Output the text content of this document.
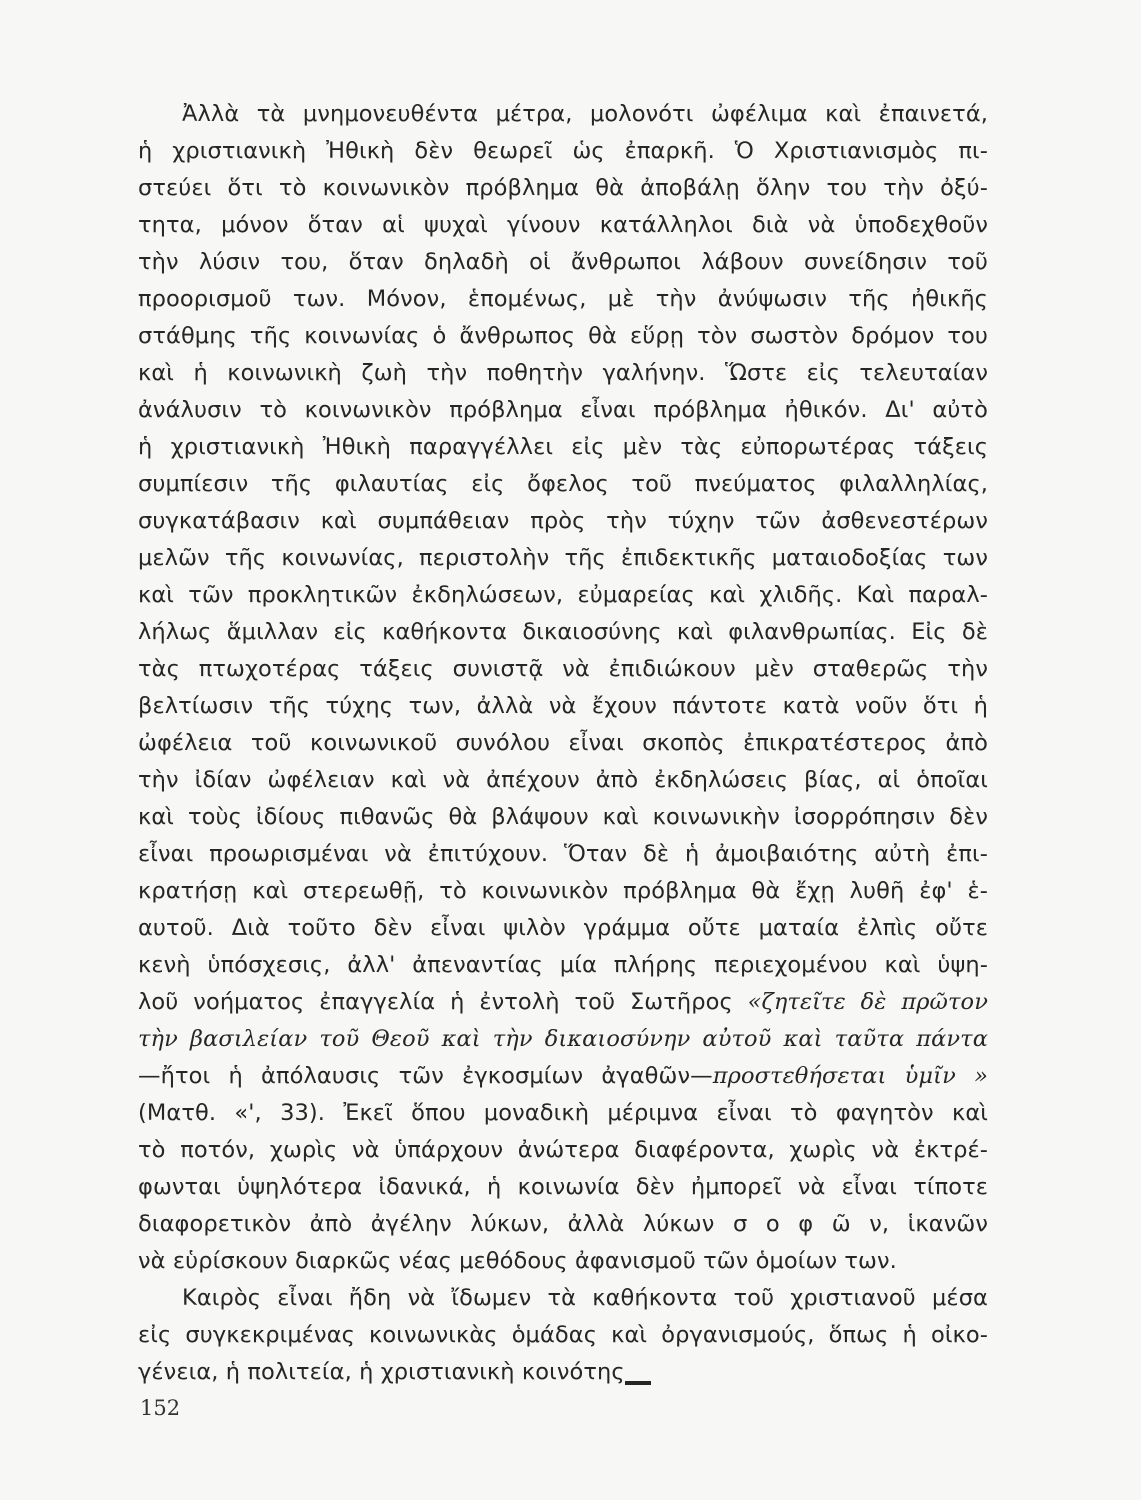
Ἀλλὰ τὰ μνημονευθέντα μέτρα, μολονότι ὠφέλιμα καὶ ἐπαινετά,
ἡ χριστιανικὴ Ἠθικὴ δὲν θεωρεῖ ὡς ἐπαρκῆ. Ὁ Χριστιανισμὸς πι-
στεύει ὅτι τὸ κοινωνικὸν πρόβλημα θὰ ἀποβάλῃ ὅλην του τὴν ὀξύ-
τητα, μόνον ὅταν αἱ ψυχαὶ γίνουν κατάλληλοι διὰ νὰ ὑποδεχθοῦν
τὴν λύσιν του, ὅταν δηλαδὴ οἱ ἄνθρωποι λάβουν συνείδησιν τοῦ
προορισμοῦ των. Μόνον, ἑπομένως, μὲ τὴν ἀνύψωσιν τῆς ἠθικῆς
στάθμης τῆς κοινωνίας ὁ ἄνθρωπος θὰ εὕρῃ τὸν σωστὸν δρόμον του
καὶ ἡ κοινωνικὴ ζωὴ τὴν ποθητὴν γαλήνην. Ὥστε εἰς τελευταίαν
ἀνάλυσιν τὸ κοινωνικὸν πρόβλημα εἶναι πρόβλημα ἠθικόν. Δι' αὐτὸ
ἡ χριστιανικὴ Ἠθικὴ παραγγέλλει εἰς μὲν τὰς εὐπορωτέρας τάξεις
συμπίεσιν τῆς φιλαυτίας εἰς ὄφελος τοῦ πνεύματος φιλαλληλίας,
συγκατάβασιν καὶ συμπάθειαν πρὸς τὴν τύχην τῶν ἀσθενεστέρων
μελῶν τῆς κοινωνίας, περιστολὴν τῆς ἐπιδεκτικῆς ματαιοδοξίας των
καὶ τῶν προκλητικῶν ἐκδηλώσεων, εὐμαρείας καὶ χλιδῆς. Καὶ παραλ-
λήλως ἅμιλλαν εἰς καθήκοντα δικαιοσύνης καὶ φιλανθρωπίας. Εἰς δὲ
τὰς πτωχοτέρας τάξεις συνιστᾷ νὰ ἐπιδιώκουν μὲν σταθερῶς τὴν
βελτίωσιν τῆς τύχης των, ἀλλὰ νὰ ἔχουν πάντοτε κατὰ νοῦν ὅτι ἡ
ὠφέλεια τοῦ κοινωνικοῦ συνόλου εἶναι σκοπὸς ἐπικρατέστερος ἀπὸ
τὴν ἰδίαν ὠφέλειαν καὶ νὰ ἀπέχουν ἀπὸ ἐκδηλώσεις βίας, αἱ ὁποῖαι
καὶ τοὺς ἰδίους πιθανῶς θὰ βλάψουν καὶ κοινωνικὴν ἰσορρόπησιν δὲν
εἶναι προωρισμέναι νὰ ἐπιτύχουν. Ὅταν δὲ ἡ ἀμοιβαιότης αὐτὴ ἐπι-
κρατήσῃ καὶ στερεωθῇ, τὸ κοινωνικὸν πρόβλημα θὰ ἔχῃ λυθῆ ἐφ' ἑ-
αυτοῦ. Διὰ τοῦτο δὲν εἶναι ψιλὸν γράμμα οὔτε ματαία ἐλπὶς οὔτε
κενὴ ὑπόσχεσις, ἀλλ' ἀπεναντίας μία πλήρης περιεχομένου καὶ ὑψη-
λοῦ νοήματος ἐπαγγελία ἡ ἐντολὴ τοῦ Σωτῆρος «ζητεῖτε δὲ πρῶτον
τὴν βασιλείαν τοῦ Θεοῦ καὶ τὴν δικαιοσύνην αὐτοῦ καὶ ταῦτα πάντα
—ἤτοι ἡ ἀπόλαυσις τῶν ἐγκοσμίων ἀγαθῶν—προστεθήσεται ὑμῖν »
(Ματθ. «', 33). Ἐκεῖ ὅπου μοναδικὴ μέριμνα εἶναι τὸ φαγητὸν καὶ
τὸ ποτόν, χωρὶς νὰ ὑπάρχουν ἀνώτερα διαφέροντα, χωρὶς νὰ ἐκτρέ-
φωνται ὑψηλότερα ἰδανικά, ἡ κοινωνία δὲν ἠμπορεῖ νὰ εἶναι τίποτε
διαφορετικὸν ἀπὸ ἀγέλην λύκων, ἀλλὰ λύκων σ ο φ ῶ ν, ἱκανῶν
νὰ εὑρίσκουν διαρκῶς νέας μεθόδους ἀφανισμοῦ τῶν ὁμοίων των.
Καιρὸς εἶναι ἤδη νὰ ἴδωμεν τὰ καθήκοντα τοῦ χριστιανοῦ μέσα
εἰς συγκεκριμένας κοινωνικὰς ὁμάδας καὶ ὀργανισμούς, ὅπως ἡ οἰκο-
γένεια, ἡ πολιτεία, ἡ χριστιανικὴ κοινότης
152
